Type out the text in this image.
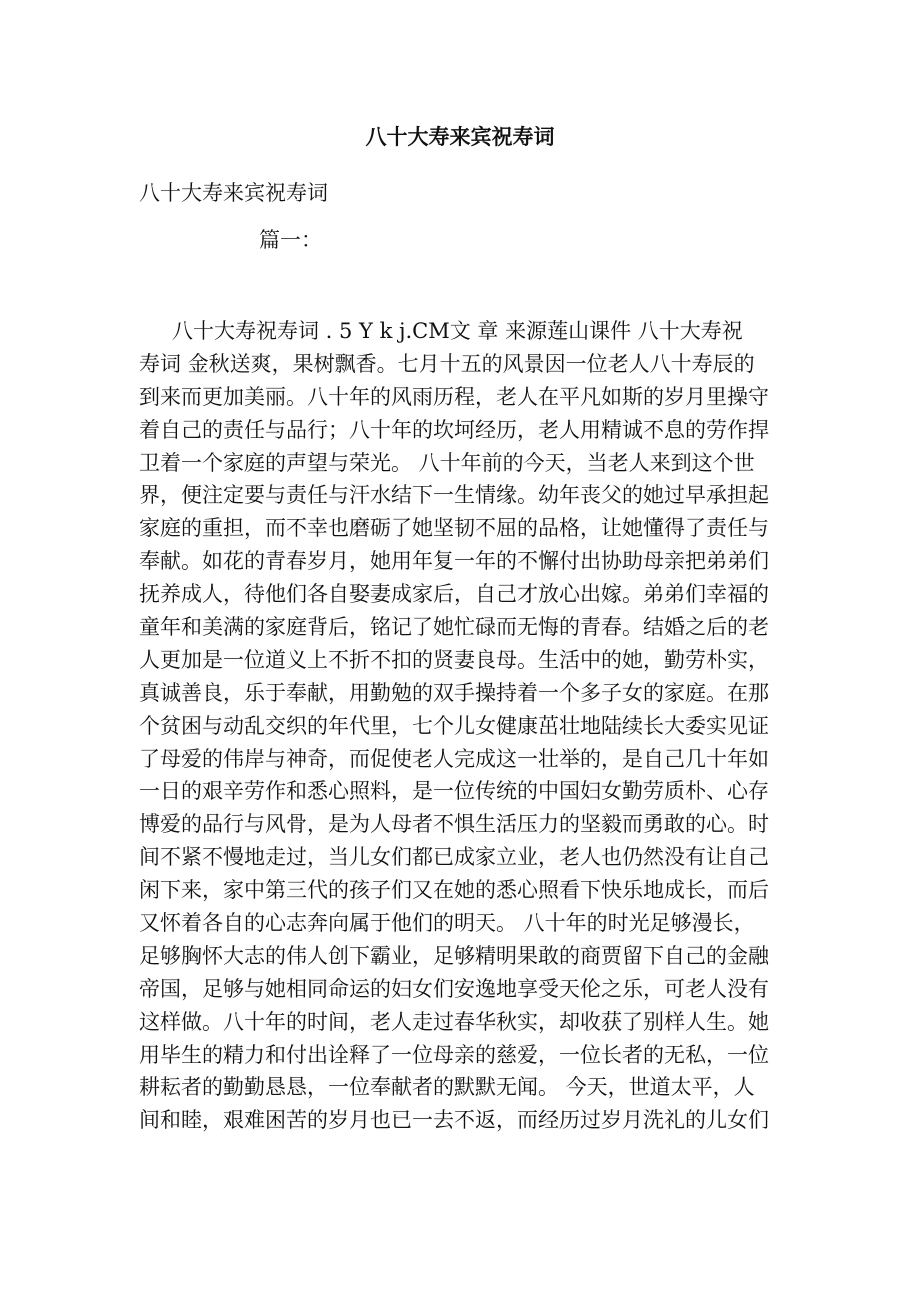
八十大寿来宾祝寿词

八十大寿来宾祝寿词

篇一：

八十大寿祝寿词 . 5 Y k j.CM文 章 来源莲山课件 八十大寿祝
寿词 金秋送爽，果树飘香。七月十五的风景因一位老人八十寿辰的
到来而更加美丽。八十年的风雨历程，老人在平凡如斯的岁月里操守
着自己的责任与品行；八十年的坎坷经历，老人用精诚不息的劳作捍
卫着一个家庭的声望与荣光。 八十年前的今天，当老人来到这个世
界，便注定要与责任与汗水结下一生情缘。幼年丧父的她过早承担起
家庭的重担，而不幸也磨砺了她坚韧不屈的品格，让她懂得了责任与
奉献。如花的青春岁月，她用年复一年的不懈付出协助母亲把弟弟们
抚养成人，待他们各自娶妻成家后，自己才放心出嫁。弟弟们幸福的
童年和美满的家庭背后，铭记了她忙碌而无悔的青春。结婚之后的老
人更加是一位道义上不折不扣的贤妻良母。生活中的她，勤劳朴实，
真诚善良，乐于奉献，用勤勉的双手操持着一个多子女的家庭。在那
个贫困与动乱交织的年代里，七个儿女健康茁壮地陆续长大委实见证
了母爱的伟岸与神奇，而促使老人完成这一壮举的，是自己几十年如
一日的艰辛劳作和悉心照料，是一位传统的中国妇女勤劳质朴、心存
博爱的品行与风骨，是为人母者不惧生活压力的坚毅而勇敢的心。时
间不紧不慢地走过，当儿女们都已成家立业，老人也仍然没有让自己
闲下来，家中第三代的孩子们又在她的悉心照看下快乐地成长，而后
又怀着各自的心志奔向属于他们的明天。 八十年的时光足够漫长，
足够胸怀大志的伟人创下霸业，足够精明果敢的商贾留下自己的金融
帝国，足够与她相同命运的妇女们安逸地享受天伦之乐，可老人没有
这样做。八十年的时间，老人走过春华秋实，却收获了别样人生。她
用毕生的精力和付出诠释了一位母亲的慈爱，一位长者的无私，一位
耕耘者的勤勤恳恳，一位奉献者的默默无闻。 今天，世道太平，人
间和睦，艰难困苦的岁月也已一去不返，而经历过岁月洗礼的儿女们
